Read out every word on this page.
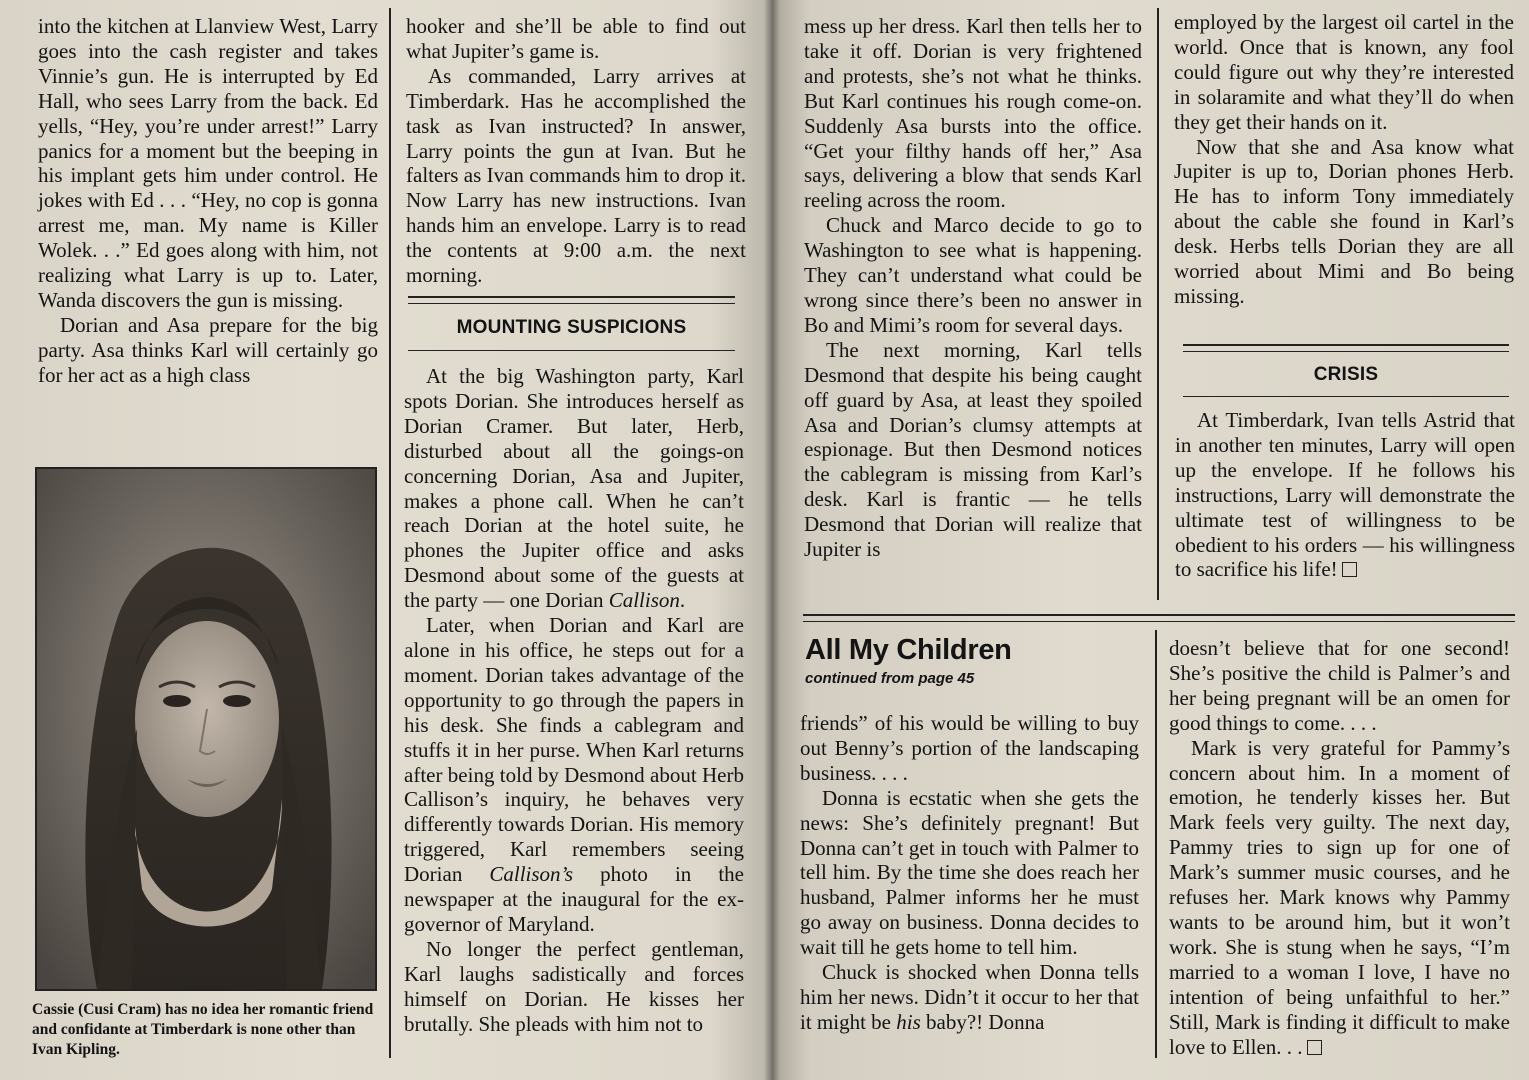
into the kitchen at Llanview West, Larry goes into the cash register and takes Vinnie’s gun. He is interrupted by Ed Hall, who sees Larry from the back. Ed yells, “Hey, you’re under arrest!” Larry panics for a moment but the beeping in his implant gets him under control. He jokes with Ed . . . “Hey, no cop is gonna arrest me, man. My name is Killer Wolek. . .” Ed goes along with him, not realizing what Larry is up to. Later, Wanda discovers the gun is missing.

Dorian and Asa prepare for the big party. Asa thinks Karl will certainly go for her act as a high class

Cassie (Cusi Cram) has no idea her romantic friend and confidante at Timberdark is none other than Ivan Kipling.

hooker and she’ll be able to find out what Jupiter’s game is.

As commanded, Larry arrives at Timberdark. Has he accomplished the task as Ivan instructed? In answer, Larry points the gun at Ivan. But he falters as Ivan commands him to drop it. Now Larry has new instructions. Ivan hands him an envelope. Larry is to read the contents at 9:00 a.m. the next morning.

MOUNTING SUSPICIONS

At the big Washington party, Karl spots Dorian. She introduces herself as Dorian Cramer. But later, Herb, disturbed about all the goings-on concerning Dorian, Asa and Jupiter, makes a phone call. When he can’t reach Dorian at the hotel suite, he phones the Jupiter office and asks Desmond about some of the guests at the party — one Dorian Callison.

Later, when Dorian and Karl are alone in his office, he steps out for a moment. Dorian takes advantage of the opportunity to go through the papers in his desk. She finds a cablegram and stuffs it in her purse. When Karl returns after being told by Desmond about Herb Callison’s inquiry, he behaves very differently towards Dorian. His memory triggered, Karl remembers seeing Dorian Callison’s photo in the newspaper at the inaugural for the ex-governor of Maryland.

No longer the perfect gentleman, Karl laughs sadistically and forces himself on Dorian. He kisses her brutally. She pleads with him not to

mess up her dress. Karl then tells her to take it off. Dorian is very frightened and protests, she’s not what he thinks. But Karl continues his rough come-on. Suddenly Asa bursts into the office. “Get your filthy hands off her,” Asa says, delivering a blow that sends Karl reeling across the room.

Chuck and Marco decide to go to Washington to see what is happening. They can’t understand what could be wrong since there’s been no answer in Bo and Mimi’s room for several days.

The next morning, Karl tells Desmond that despite his being caught off guard by Asa, at least they spoiled Asa and Dorian’s clumsy attempts at espionage. But then Desmond notices the cablegram is missing from Karl’s desk. Karl is frantic — he tells Desmond that Dorian will realize that Jupiter is

employed by the largest oil cartel in the world. Once that is known, any fool could figure out why they’re interested in solaramite and what they’ll do when they get their hands on it.

Now that she and Asa know what Jupiter is up to, Dorian phones Herb. He has to inform Tony immediately about the cable she found in Karl’s desk. Herbs tells Dorian they are all worried about Mimi and Bo being missing.

CRISIS

At Timberdark, Ivan tells Astrid that in another ten minutes, Larry will open up the envelope. If he follows his instructions, Larry will demonstrate the ultimate test of willingness to be obedient to his orders — his willingness to sacrifice his life!

All My Children
continued from page 45

friends” of his would be willing to buy out Benny’s portion of the landscaping business. . . .

Donna is ecstatic when she gets the news: She’s definitely pregnant! But Donna can’t get in touch with Palmer to tell him. By the time she does reach her husband, Palmer informs her he must go away on business. Donna decides to wait till he gets home to tell him.

Chuck is shocked when Donna tells him her news. Didn’t it occur to her that it might be his baby?! Donna

doesn’t believe that for one second! She’s positive the child is Palmer’s and her being pregnant will be an omen for good things to come. . . .

Mark is very grateful for Pammy’s concern about him. In a moment of emotion, he tenderly kisses her. But Mark feels very guilty. The next day, Pammy tries to sign up for one of Mark’s summer music courses, and he refuses her. Mark knows why Pammy wants to be around him, but it won’t work. She is stung when he says, “I’m married to a woman I love, I have no intention of being unfaithful to her.” Still, Mark is finding it difficult to make love to Ellen. . .
